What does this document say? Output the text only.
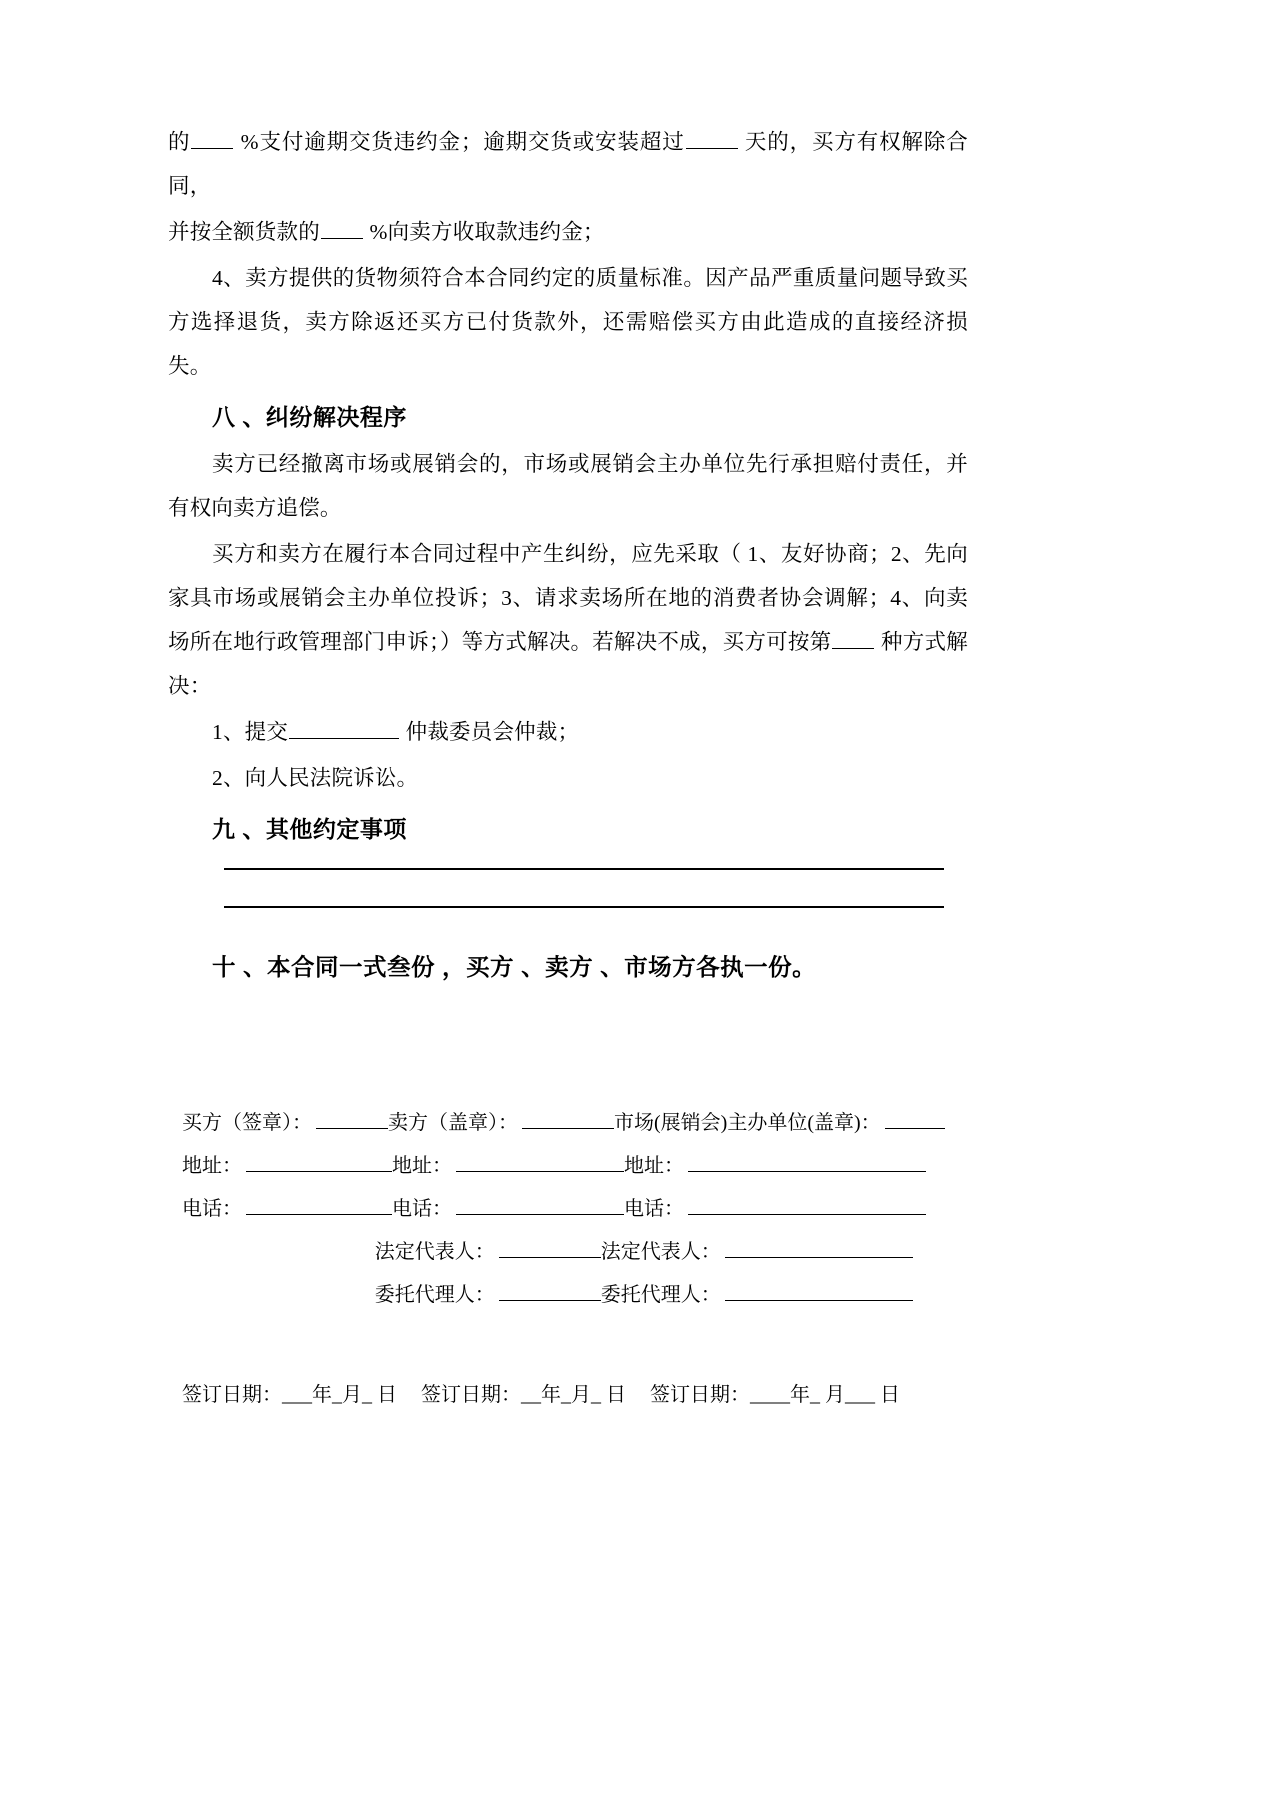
的 %支付逾期交货违约金；逾期交货或安装超过	天的，买方有权解除合同，

并按全额货款的 %向卖方收取款违约金；

4、卖方提供的货物须符合本合同约定的质量标准。因产品严重质量问题导致买方选择退货，卖方除返还买方已付货款外，还需赔偿买方由此造成的直接经济损失。

八 、纠纷解决程序

卖方已经撤离市场或展销会的，市场或展销会主办单位先行承担赔付责任，并有权向卖方追偿。

买方和卖方在履行本合同过程中产生纠纷，应先采取（ 1、友好协商；2、先向家具市场或展销会主办单位投诉；3、请求卖场所在地的消费者协会调解；4、向卖场所在地行政管理部门申诉；）等方式解决。若解决不成，买方可按第 种方式解决：

1、提交	仲裁委员会仲裁；

2、向人民法院诉讼。

九 、其他约定事项

十 、本合同一式叁份 ，买方 、卖方 、市场方各执一份。

买方（签章）：	卖方（盖章）：	市场(展销会)主办单位(盖章)：
地址：	地址：	地址：
电话：	电话：	电话：
法定代表人：	法定代表人：
委托代理人：	委托代理人：
签订日期：___年_月_ 日 签订日期：__年_月_ 日 签订日期：____年_ 月___ 日
